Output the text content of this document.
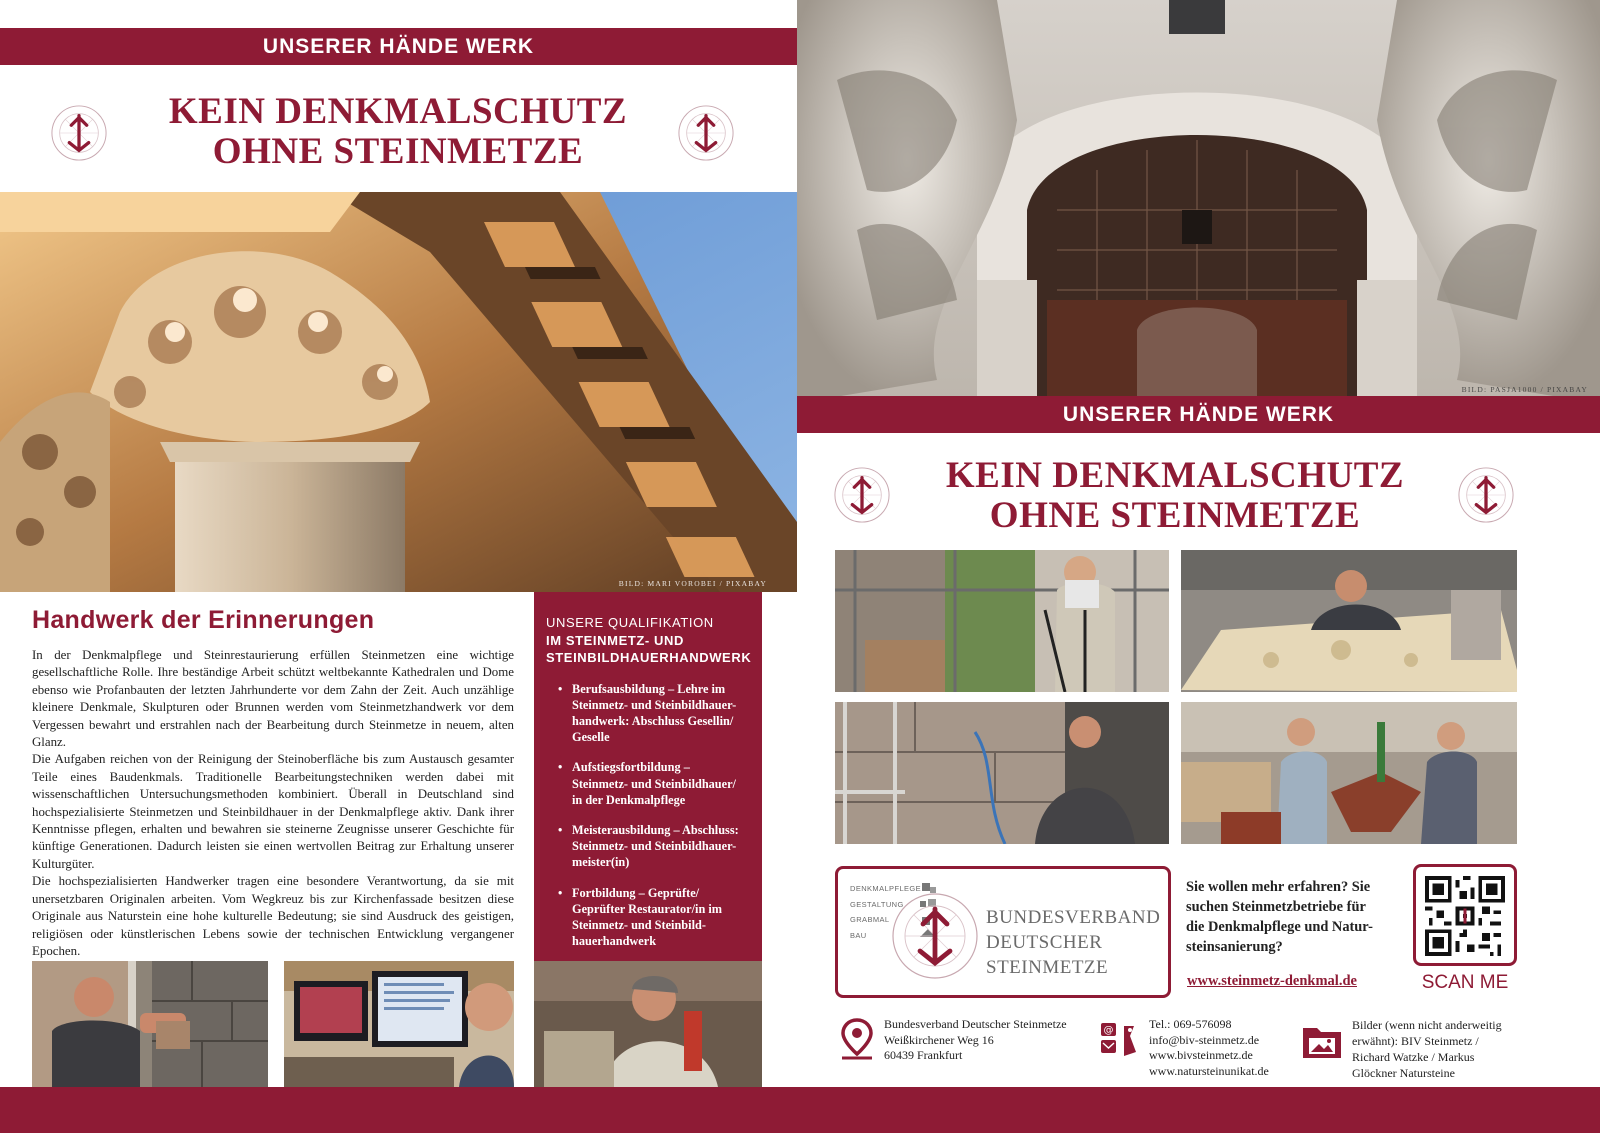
UNSERER HÄNDE WERK
KEIN DENKMALSCHUTZ
OHNE STEINMETZE
BILD: MARI VOROBEI / PIXABAY
Handwerk der Erinnerungen

In der Denkmalpflege und Steinrestaurierung erfüllen Steinmetzen eine wichtige gesellschaftliche Rolle. Ihre beständige Arbeit schützt weltbekannte Kathedralen und Dome ebenso wie Profanbauten der letzten Jahrhunderte vor dem Zahn der Zeit. Auch unzählige kleinere Denkmale, Skulpturen oder Brunnen werden vom Steinmetzhandwerk vor dem Vergessen bewahrt und erstrahlen nach der Bearbeitung durch Steinmetze in neuem, alten Glanz.

Die Aufgaben reichen von der Reinigung der Steinoberfläche bis zum Austausch gesamter Teile eines Baudenkmals. Traditionelle Bearbeitungstechniken werden dabei mit wissenschaftlichen Untersuchungsmethoden kombiniert. Überall in Deutschland sind hochspezialisierte Steinmetzen und Steinbildhauer in der Denkmalpflege aktiv. Dank ihrer Kenntnisse pflegen, erhalten und bewahren sie steinerne Zeugnisse unserer Geschichte für künftige Generationen. Dadurch leisten sie einen wertvollen Beitrag zur Erhaltung unserer Kulturgüter.

Die hochspezialisierten Handwerker tragen eine besondere Verantwortung, da sie mit unersetzbaren Originalen arbeiten. Vom Wegkreuz bis zur Kirchenfassade besitzen diese Originale aus Naturstein eine hohe kulturelle Bedeutung; sie sind Ausdruck des geistigen, religiösen oder künstlerischen Lebens sowie der technischen Entwicklung vergangener Epochen.

UNSERE QUALIFIKATION
IM STEINMETZ- UND
STEINBILDHAUERHANDWERK
• Berufsausbildung – Lehre im Steinmetz- und Steinbildhauer-handwerk: Abschluss Gesellin/ Geselle
• Aufstiegsfortbildung – Steinmetz- und Steinbildhauer/ in der Denkmalpflege
• Meisterausbildung – Abschluss: Steinmetz- und Steinbildhauer-meister(in)
• Fortbildung – Geprüfte/ Geprüfter Restaurator/in im Steinmetz- und Steinbild-hauerhandwerk
BILD: PASJA1000 / PIXABAY
UNSERER HÄNDE WERK
KEIN DENKMALSCHUTZ
OHNE STEINMETZE
DENKMALPFLEGE
GESTALTUNG
GRABMAL
BAU
BUNDESVERBAND
DEUTSCHER
STEINMETZE
Sie wollen mehr erfahren? Sie
suchen Steinmetzbetriebe für
die Denkmalpflege und Natur-
steinsanierung?
www.steinmetz-denkmal.de	SCAN ME
Bundesverband Deutscher Steinmetze
Weißkirchener Weg 16
60439 Frankfurt
@	Tel.: 069-576098
info@biv-steinmetz.de
www.bivsteinmetz.de
www.natursteinunikat.de
Bilder (wenn nicht anderweitig
erwähnt): BIV Steinmetz /
Richard Watzke / Markus
Glöckner Natursteine
